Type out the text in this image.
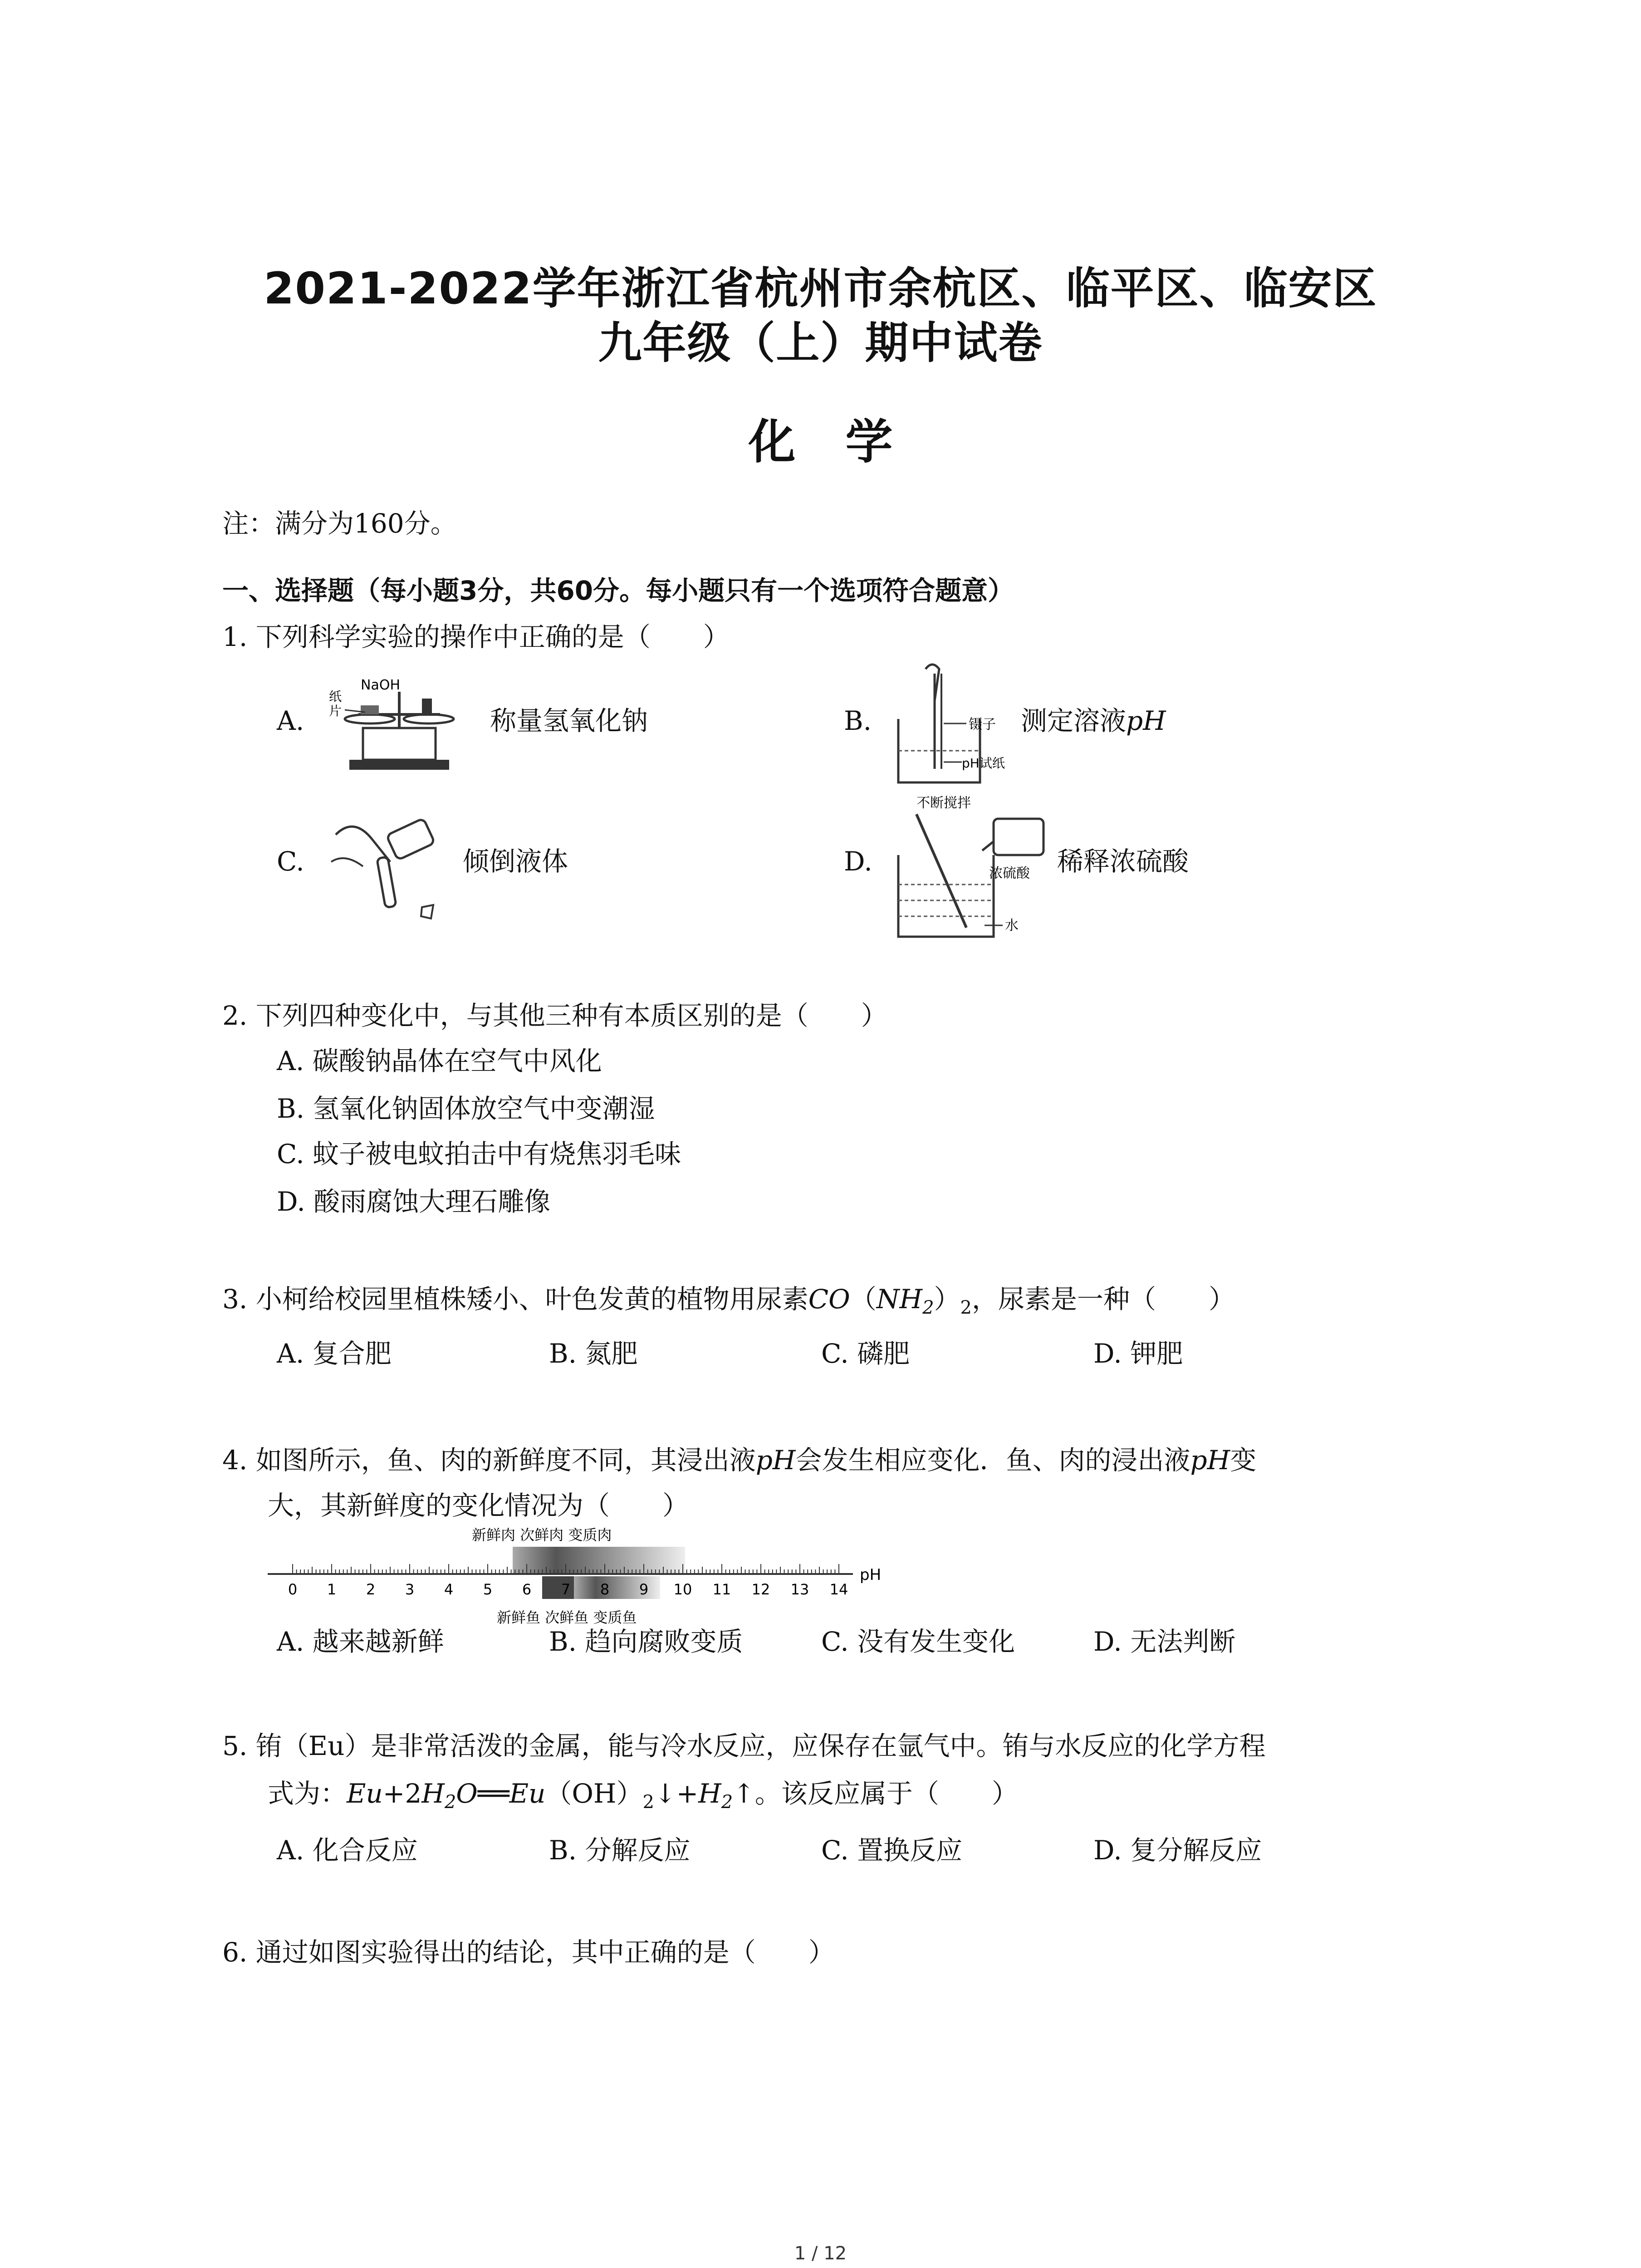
2021-2022学年浙江省杭州市余杭区、临平区、临安区
九年级（上）期中试卷
化学
注：满分为160分。
一、选择题（每小题3分，共60分。每小题只有一个选项符合题意）
1. 下列科学实验的操作中正确的是（　　）
A.
NaOH
纸
片	称量氢氧化钠	B.	镊子
pH试纸
测定溶液pH
C.	倾倒液体	D.
不断搅拌
浓硫酸
水
稀释浓硫酸
2. 下列四种变化中，与其他三种有本质区别的是（　　）
A. 碳酸钠晶体在空气中风化
B. 氢氧化钠固体放空气中变潮湿
C. 蚊子被电蚊拍击中有烧焦羽毛味
D. 酸雨腐蚀大理石雕像
3. 小柯给校园里植株矮小、叶色发黄的植物用尿素$CO(NH_2)_2$，尿素是一种（　　）
A. 复合肥	B. 氮肥	C. 磷肥	D. 钾肥
4. 如图所示，鱼、肉的新鲜度不同，其浸出液pH会发生相应变化．鱼、肉的浸出液pH变
大，其新鲜度的变化情况为（　　）
新鲜肉 次鲜肉 变质肉
0 1 2 3 4 5 6 7 8 9 10 11 12 13 14
pH
新鲜鱼 次鲜鱼 变质鱼
A. 越来越新鲜	B. 趋向腐败变质	C. 没有发生变化	D. 无法判断
5. 铕（Eu）是非常活泼的金属，能与冷水反应，应保存在氩气中。铕与水反应的化学方程
式为：$Eu+2H_2O══Eu(OH)_2↓+H_2↑$。该反应属于（　　）
A. 化合反应	B. 分解反应	C. 置换反应	D. 复分解反应
6. 通过如图实验得出的结论，其中正确的是（　　）
1 / 12
